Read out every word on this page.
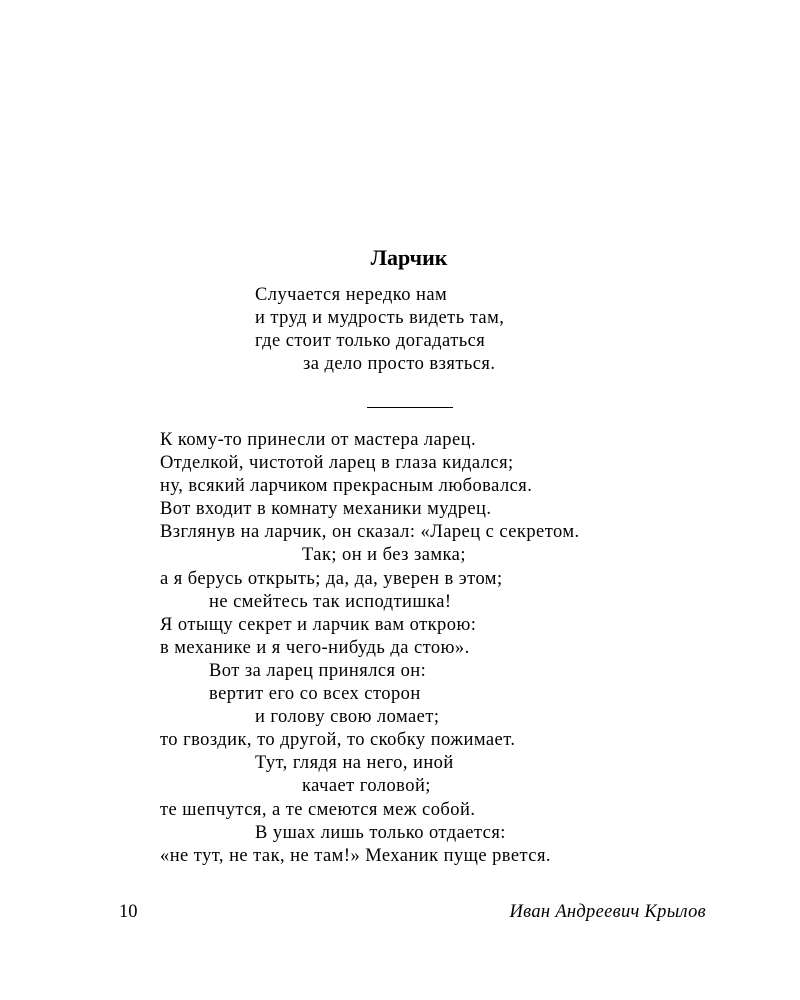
Ларчик
Случается нередко нам
и труд и мудрость видеть там,
где стоит только догадаться
за дело просто взяться.
К кому-то принесли от мастера ларец.
Отделкой, чистотой ларец в глаза кидался;
ну, всякий ларчиком прекрасным любовался.
Вот входит в комнату механики мудрец.
Взглянув на ларчик, он сказал: «Ларец с секретом.
Так; он и без замка;
а я берусь открыть; да, да, уверен в этом;
не смейтесь так исподтишка!
Я отыщу секрет и ларчик вам открою:
в механике и я чего-нибудь да стою».
Вот за ларец принялся он:
вертит его со всех сторон
и голову свою ломает;
то гвоздик, то другой, то скобку пожимает.
Тут, глядя на него, иной
качает головой;
те шепчутся, а те смеются меж собой.
В ушах лишь только отдается:
«не тут, не так, не там!» Механик пуще рвется.
10	Иван Андреевич Крылов
